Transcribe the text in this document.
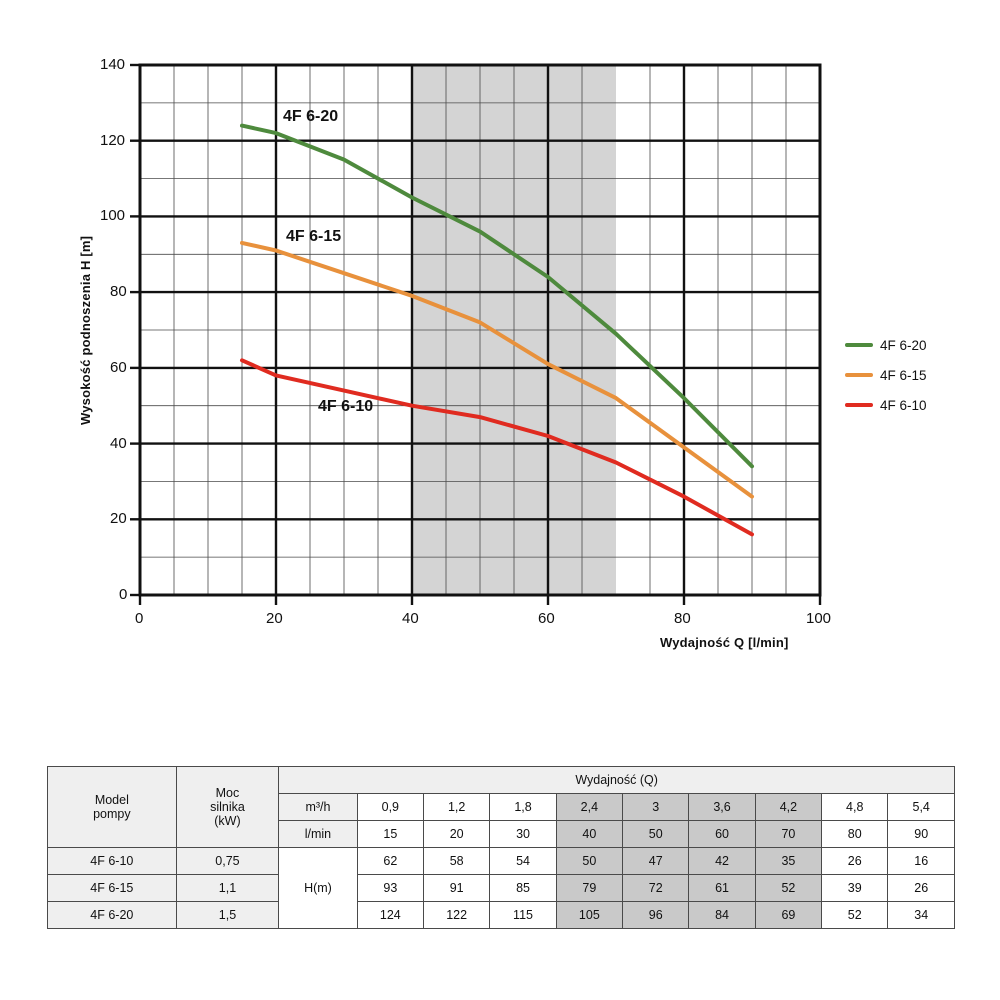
140
120
100
80
60
40
20
0
0	20	40	60	80	100
Wysokość podnoszenia H [m]
Wydajność Q [l/min]
4F 6-20
4F 6-15
4F 6-10
4F 6-20
4F 6-15
4F 6-10
Model
pompy

Moc
silnika
(kW)
	Wydajność (Q)
		m³/h	0,9	1,2	1,8	2,4	3	3,6	4,2	4,8	5,4
		l/min	15	20	30	40	50	60	70	80	90
4F 6-10	0,75	H(m)	62	58	54	50	47	42	35	26	16
4F 6-15	1,1		93	91	85	79	72	61	52	39	26
4F 6-20	1,5		124	122	115	105	96	84	69	52	34
